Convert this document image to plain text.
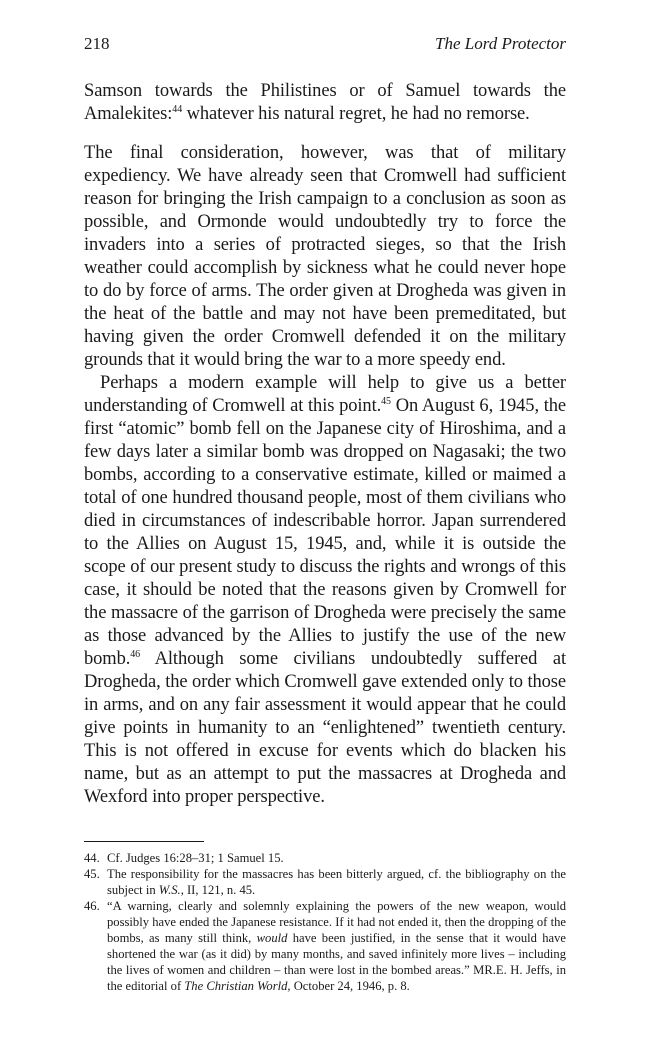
218	The Lord Protector

Samson towards the Philistines or of Samuel towards the Amalekites:$^{44}$ whatever his natural regret, he had no remorse.

The final consideration, however, was that of military expediency. We have already seen that Cromwell had sufficient reason for bringing the Irish campaign to a conclusion as soon as possible, and Ormonde would undoubtedly try to force the invaders into a series of protracted sieges, so that the Irish weather could accomplish by sickness what he could never hope to do by force of arms. The order given at Drogheda was given in the heat of the battle and may not have been premeditated, but having given the order Cromwell defended it on the military grounds that it would bring the war to a more speedy end.

Perhaps a modern example will help to give us a better understanding of Cromwell at this point.$^{45}$ On August 6, 1945, the first “atomic” bomb fell on the Japanese city of Hiroshima, and a few days later a similar bomb was dropped on Nagasaki; the two bombs, according to a conservative estimate, killed or maimed a total of one hundred thousand people, most of them civilians who died in circumstances of indescribable horror. Japan surrendered to the Allies on August 15, 1945, and, while it is outside the scope of our present study to discuss the rights and wrongs of this case, it should be noted that the reasons given by Cromwell for the massacre of the garrison of Drogheda were precisely the same as those advanced by the Allies to justify the use of the new bomb.$^{46}$ Although some civilians undoubtedly suffered at Drogheda, the order which Cromwell gave extended only to those in arms, and on any fair assessment it would appear that he could give points in humanity to an “enlightened” twentieth century. This is not offered in excuse for events which do blacken his name, but as an attempt to put the massacres at Drogheda and Wexford into proper perspective.

44. Cf. Judges 16:28–31; 1 Samuel 15.
45. The responsibility for the massacres has been bitterly argued, cf. the bibliography on the subject in W.S., II, 121, n. 45.
46. “A warning, clearly and solemnly explaining the powers of the new weapon, would possibly have ended the Japanese resistance. If it had not ended it, then the dropping of the bombs, as many still think, would have been justified, in the sense that it would have shortened the war (as it did) by many months, and saved infinitely more lives – including the lives of women and children – than were lost in the bombed areas.” MR.E. H. Jeffs, in the editorial of The Christian World, October 24, 1946, p. 8.
